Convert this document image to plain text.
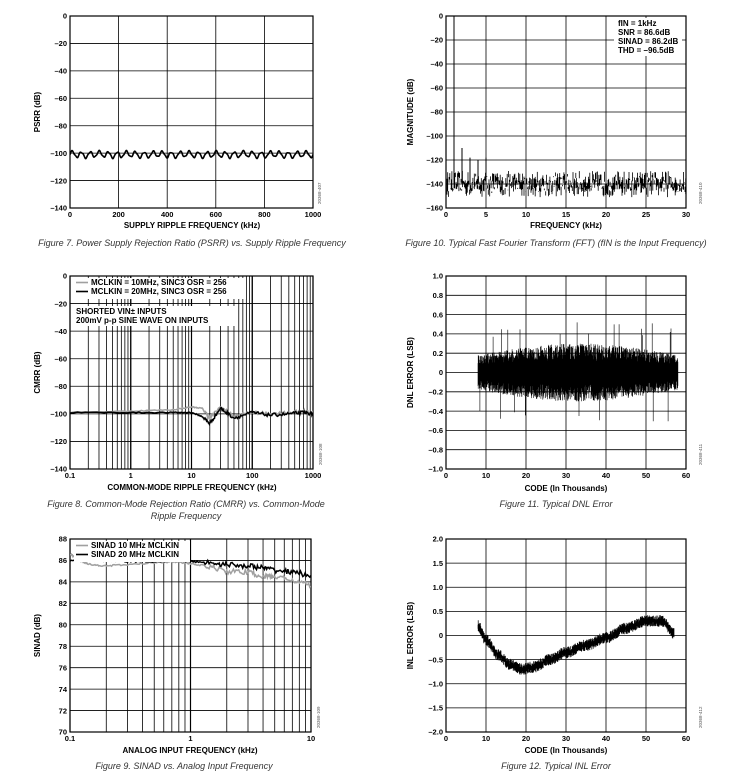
0
–20
–40
–60
–80
–100
–120
–140
0	200	400	600	800	1000
SUPPLY RIPPLE FREQUENCY (kHz)
PSRR (dB)
20368-407
Figure 7. Power Supply Rejection Ratio (PSRR) vs. Supply Ripple Frequency
0
–20
–40
–60
–80
–100
–120
–140
–160
0	5	10	15	20	25	30
FREQUENCY (kHz)
MAGNITUDE (dB)
20368-410
Figure 10. Typical Fast Fourier Transform (FFT) (fIN is the Input Frequency)
fIN = 1kHz
SNR = 86.6dB
SINAD = 86.2dB
THD = –96.5dB
0
–20
–40
–60
–80
–100
–120
–140
0.1	1	10	100	1000
COMMON-MODE RIPPLE FREQUENCY (kHz)
CMRR (dB)
20368-108
Figure 8. Common-Mode Rejection Ratio (CMRR) vs. Common-Mode
Ripple Frequency
MCLKIN = 10MHz, SINC3 OSR = 256
MCLKIN = 20MHz, SINC3 OSR = 256
SHORTED VIN± INPUTS
200mV p-p SINE WAVE ON INPUTS
1.0
0.8
0.6
0.4
0.2
0
–0.2
–0.4
–0.6
–0.8
–1.0
0	10	20	30	40	50	60
CODE (In Thousands)
DNL ERROR (LSB)
20368-411
Figure 11. Typical DNL Error
70
72
74
76
78
80
82
84
86
88
0.1	1	10
ANALOG INPUT FREQUENCY (kHz)
SINAD (dB)
20368-109
Figure 9. SINAD vs. Analog Input Frequency
SINAD 10 MHz MCLKIN
SINAD 20 MHz MCLKIN
2.0
1.5
1.0
0.5
0
–0.5
–1.0
–1.5
–2.0
0	10	20	30	40	50	60
CODE (In Thousands)
INL ERROR (LSB)
20368-412
Figure 12. Typical INL Error
